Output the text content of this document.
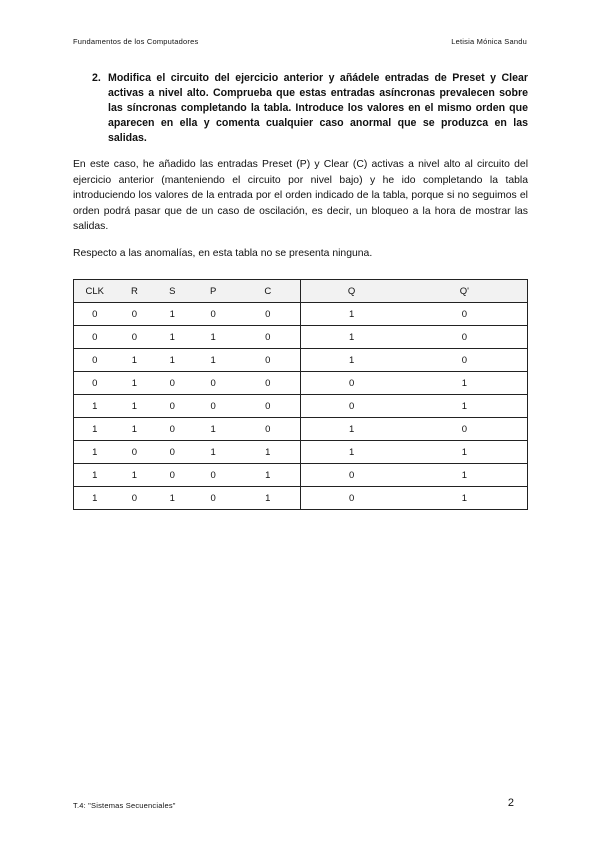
Fundamentos de los Computadores	Letisia Mónica Sandu
2. Modifica el circuito del ejercicio anterior y añádele entradas de Preset y Clear activas a nivel alto. Comprueba que estas entradas asíncronas prevalecen sobre las síncronas completando la tabla. Introduce los valores en el mismo orden que aparecen en ella y comenta cualquier caso anormal que se produzca en las salidas.
En este caso, he añadido las entradas Preset (P) y Clear (C) activas a nivel alto al circuito del ejercicio anterior (manteniendo el circuito por nivel bajo) y he ido completando la tabla introduciendo los valores de la entrada por el orden indicado de la tabla, porque si no seguimos el orden podrá pasar que de un caso de oscilación, es decir, un bloqueo a la hora de mostrar las salidas.
Respecto a las anomalías, en esta tabla no se presenta ninguna.
CLK	R	S	P	C	Q	Q'
0	0	1	0	0	1	0
0	0	1	1	0	1	0
0	1	1	1	0	1	0
0	1	0	0	0	0	1
1	1	0	0	0	0	1
1	1	0	1	0	1	0
1	0	0	1	1	1	1
1	1	0	0	1	0	1
1	0	1	0	1	0	1
T.4: "Sistemas Secuenciales"	2
